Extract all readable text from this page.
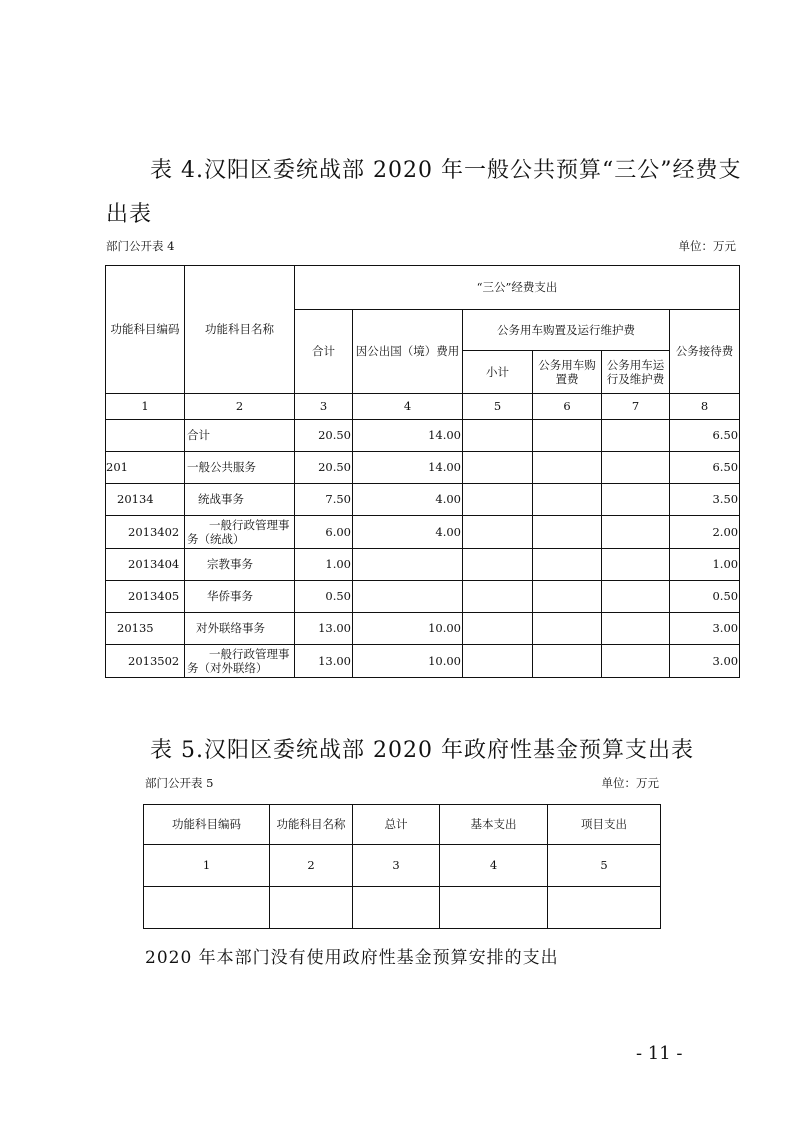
表 4.汉阳区委统战部 2020 年一般公共预算“三公”经费支
出表
部门公开表 4	单位：万元
功能科目编码	功能科目名称	“三公”经费支出					
		合计	因公出国（境）费用	公务用车购置及运行维护费			公务接待费
				小计	公务用车购置费	公务用车运行及维护费	
1	2	3	4	5	6	7	8
	合计	20.50	14.00				6.50
201	一般公共服务	20.50	14.00				6.50
20134	统战事务	7.50	4.00				3.50
2013402	一般行政管理事务（统战）	6.00	4.00				2.00
2013404	宗教事务	1.00					1.00
2013405	华侨事务	0.50					0.50
20135	对外联络事务	13.00	10.00				3.00
2013502	一般行政管理事务（对外联络）	13.00	10.00				3.00
表 5.汉阳区委统战部 2020 年政府性基金预算支出表
部门公开表 5	单位：万元
功能科目编码	功能科目名称	总计	基本支出	项目支出
1	2	3	4	5

2020 年本部门没有使用政府性基金预算安排的支出
- 11 -
